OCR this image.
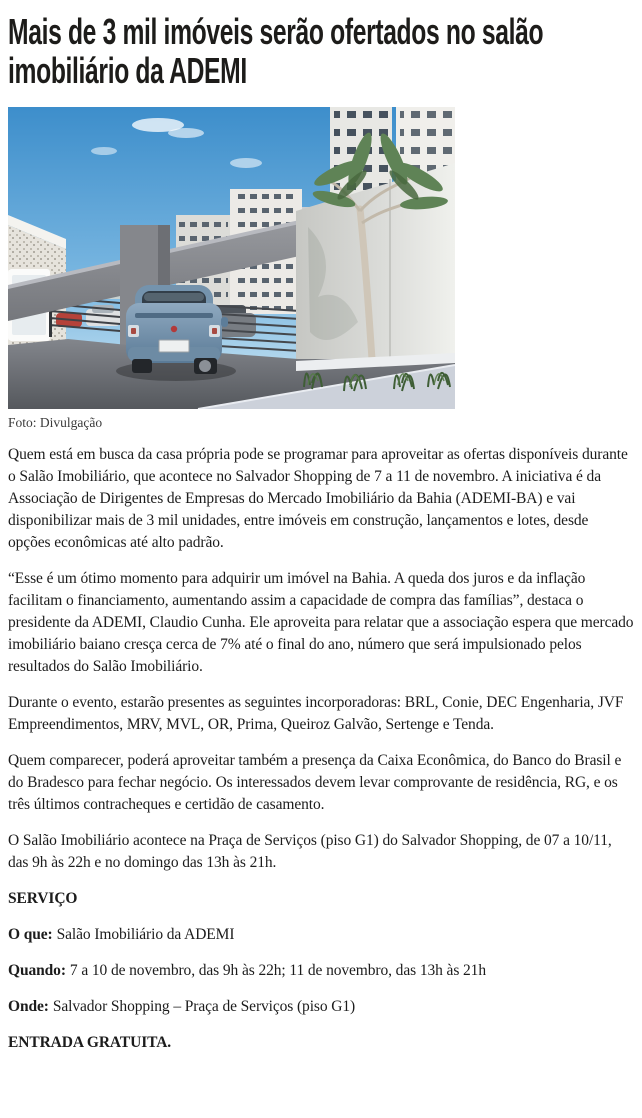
Mais de 3 mil imóveis serão ofertados no salão imobiliário da ADEMI
Foto: Divulgação

Quem está em busca da casa própria pode se programar para aproveitar as ofertas disponíveis durante o Salão Imobiliário, que acontece no Salvador Shopping de 7 a 11 de novembro. A iniciativa é da Associação de Dirigentes de Empresas do Mercado Imobiliário da Bahia (ADEMI-BA) e vai disponibilizar mais de 3 mil unidades, entre imóveis em construção, lançamentos e lotes, desde opções econômicas até alto padrão.

“Esse é um ótimo momento para adquirir um imóvel na Bahia. A queda dos juros e da inflação facilitam o financiamento, aumentando assim a capacidade de compra das famílias”, destaca o presidente da ADEMI, Claudio Cunha. Ele aproveita para relatar que a associação espera que mercado imobiliário baiano cresça cerca de 7% até o final do ano, número que será impulsionado pelos resultados do Salão Imobiliário.

Durante o evento, estarão presentes as seguintes incorporadoras: BRL, Conie, DEC Engenharia, JVF Empreendimentos, MRV, MVL, OR, Prima, Queiroz Galvão, Sertenge e Tenda.

Quem comparecer, poderá aproveitar também a presença da Caixa Econômica, do Banco do Brasil e do Bradesco para fechar negócio. Os interessados devem levar comprovante de residência, RG, e os três últimos contracheques e certidão de casamento.

O Salão Imobiliário acontece na Praça de Serviços (piso G1) do Salvador Shopping, de 07 a 10/11, das 9h às 22h e no domingo das 13h às 21h.

SERVIÇO

O que: Salão Imobiliário da ADEMI

Quando: 7 a 10 de novembro, das 9h às 22h; 11 de novembro, das 13h às 21h

Onde: Salvador Shopping – Praça de Serviços (piso G1)

ENTRADA GRATUITA.
